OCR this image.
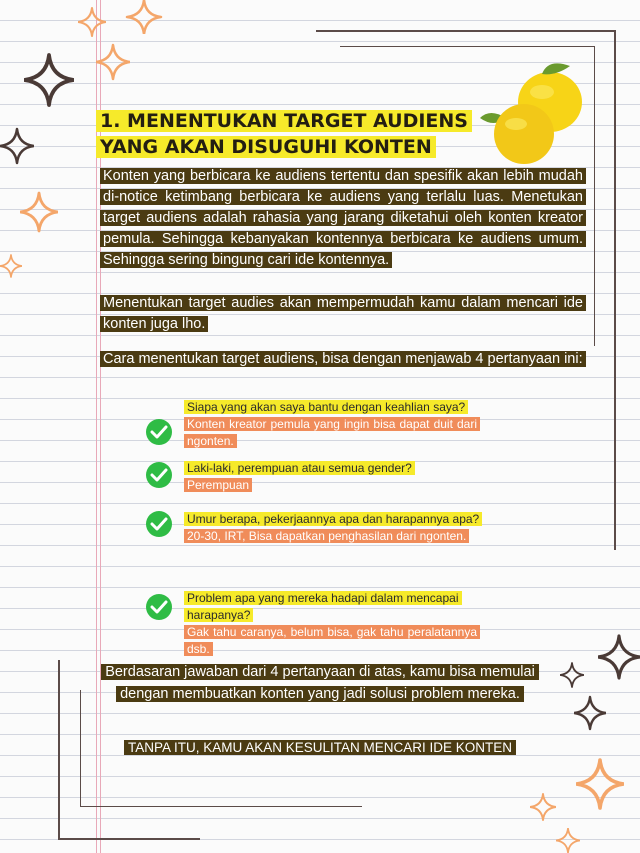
1. MENENTUKAN TARGET AUDIENS YANG AKAN DISUGUHI KONTEN

Konten yang berbicara ke audiens tertentu dan spesifik akan lebih mudah di-notice ketimbang berbicara ke audiens yang terlalu luas. Menetukan target audiens adalah rahasia yang jarang diketahui oleh konten kreator pemula. Sehingga kebanyakan kontennya berbicara ke audiens umum. Sehingga sering bingung cari ide kontennya.

Menentukan target audies akan mempermudah kamu dalam mencari ide konten juga lho.

Cara menentukan target audiens, bisa dengan menjawab 4 pertanyaan ini:

Siapa yang akan saya bantu dengan keahlian saya?

Konten kreator pemula yang ingin bisa dapat duit dari ngonten.

Laki-laki, perempuan atau semua gender?

Perempuan

Umur berapa, pekerjaannya apa dan harapannya apa?

20-30, IRT, Bisa dapatkan penghasilan dari ngonten.

Problem apa yang mereka hadapi dalam mencapai harapanya?

Gak tahu caranya, belum bisa, gak tahu peralatannya dsb.

Berdasaran jawaban dari 4 pertanyaan di atas, kamu bisa memulai dengan membuatkan konten yang jadi solusi problem mereka.

TANPA ITU, KAMU AKAN KESULITAN MENCARI IDE KONTEN
